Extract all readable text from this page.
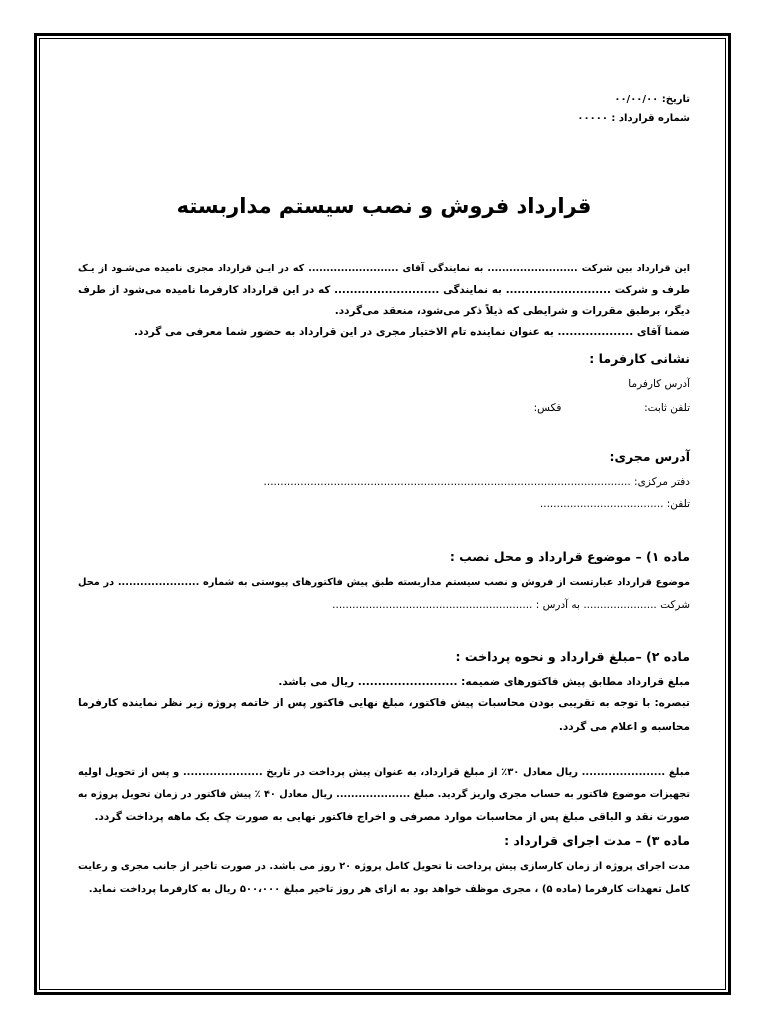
تاریخ: ۰۰/۰۰/۰۰
شماره قرارداد : ۰۰۰۰۰
قرارداد فروش و نصب سیستم مداربسته
این قرارداد بین شرکت ......................... به نمایندگی آقای ......................... که در ایـن قرارداد مجری نامیده می‌شـود از یـک
طرف و شرکت ........................... به نمایندگی ........................... که در این قرارداد کارفرما نامیده می‌شود از طرف
دیگر، برطبق مقررات و شرایطی که ذیلاً ذکر می‌شود، منعقد می‌گردد.
ضمنا آقای ................... به عنوان نماینده تام الاختیار مجری در این قرارداد به حضور شما معرفی می گردد.
نشانی کارفرما :
آدرس کارفرما
تلفن ثابت:  فکس:
آدرس مجری:
دفتر مرکزی: ..............................................................................................................
تلفن: .....................................
ماده ۱) – موضوع قرارداد و محل نصب :
موضوع قرارداد عبارتست از فروش و نصب سیستم مداربسته طبق پیش فاکتورهای پیوستی به شماره ...................... در محل
شرکت ...................... به آدرس : ............................................................
ماده ۲) –مبلغ قرارداد و نحوه پرداخت :
مبلغ قرارداد مطابق پیش فاکتورهای ضمیمه: ......................... ریال می باشد.
تبصره: با توجه به تقریبی بودن محاسبات پیش فاکتور، مبلغ نهایی فاکتور پس از خاتمه پروژه زیر نظر نماینده کارفرما
محاسبه و اعلام می گردد.
مبلغ ...................... ریال معادل ۳۰٪ از مبلغ قرارداد، به عنوان پیش پرداخت در تاریخ ..................... و پس از تحویل اولیه
تجهیزات موضوع فاکتور به حساب مجری واریز گردید. مبلغ .................... ریال معادل ۴۰ ٪ پیش فاکتور در زمان تحویل پروژه به
صورت نقد و الباقی مبلغ پس از محاسبات موارد مصرفی و اخراج فاکتور نهایی به صورت چک یک ماهه پرداخت گردد.
ماده ۳) – مدت اجرای قرارداد :
مدت اجرای پروژه از زمان کارسازی پیش پرداخت تا تحویل کامل پروژه ۲۰ روز می باشد. در صورت تاخیر از جانب مجری و رعایت
کامل تعهدات کارفرما (ماده ۵) ، مجری موظف خواهد بود به ازای هر روز تاخیر مبلغ ۵۰۰،۰۰۰ ریال به کارفرما پرداخت نماید.
